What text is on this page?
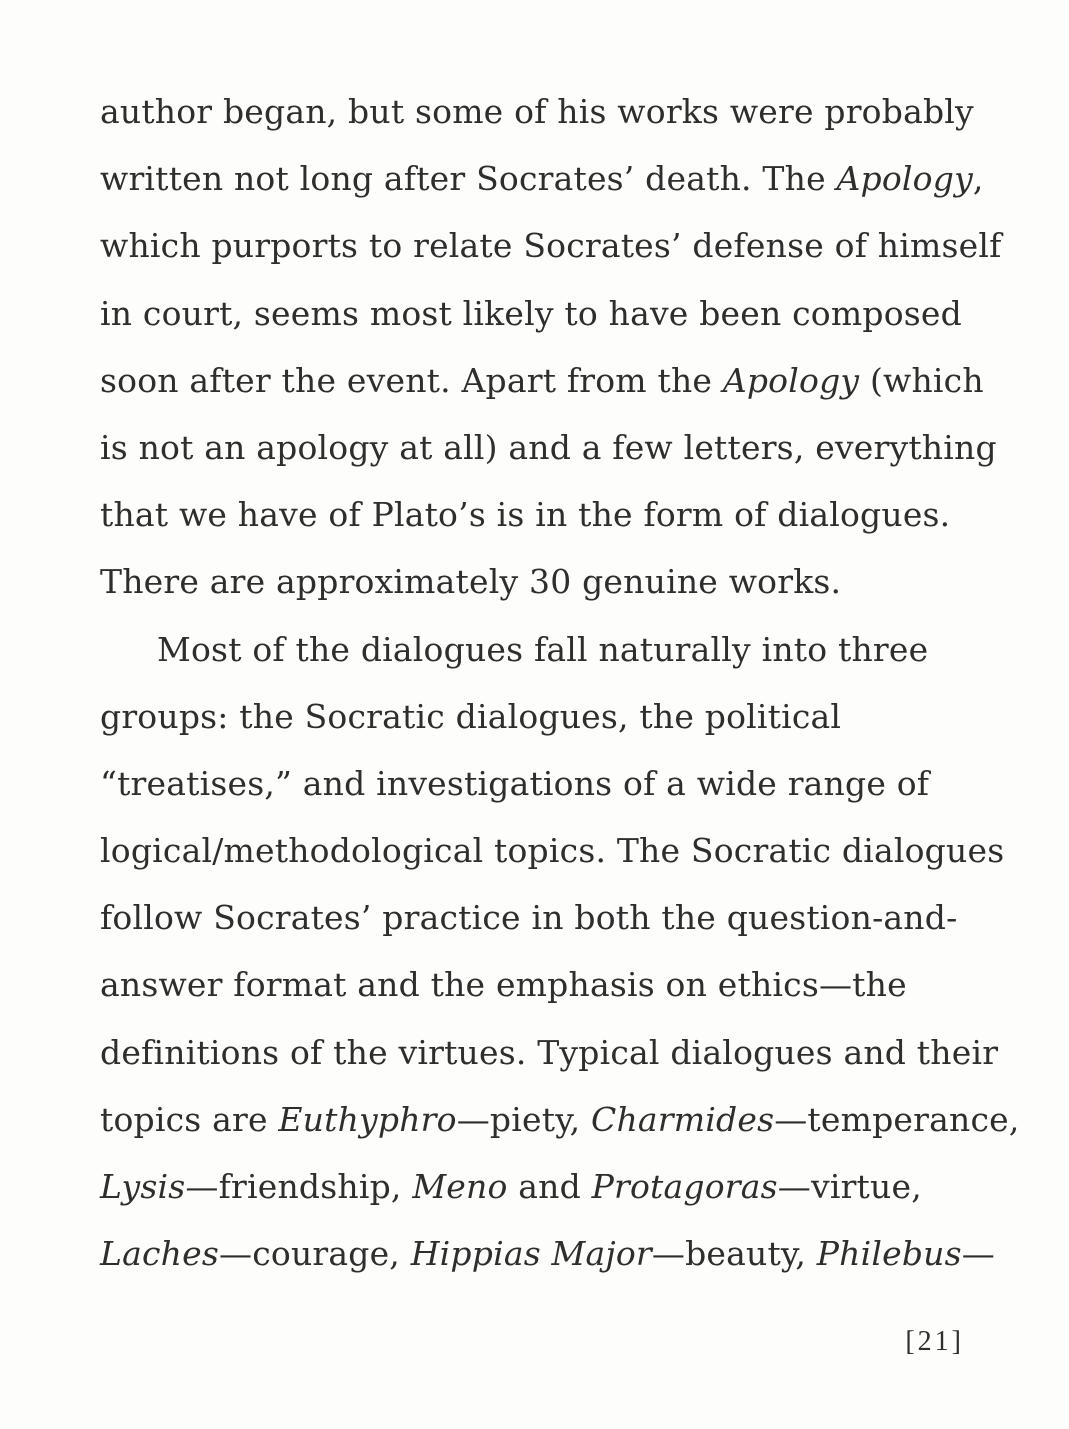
author began, but some of his works were probably
written not long after Socrates’ death. The Apology,
which purports to relate Socrates’ defense of himself
in court, seems most likely to have been composed
soon after the event. Apart from the Apology (which
is not an apology at all) and a few letters, everything
that we have of Plato’s is in the form of dialogues.
There are approximately 30 genuine works.
Most of the dialogues fall naturally into three
groups: the Socratic dialogues, the political
“treatises,” and investigations of a wide range of
logical/methodological topics. The Socratic dialogues
follow Socrates’ practice in both the question-and-
answer format and the emphasis on ethics—the
definitions of the virtues. Typical dialogues and their
topics are Euthyphro—piety, Charmides—temperance,
Lysis—friendship, Meno and Protagoras—virtue,
Laches—courage, Hippias Major—beauty, Philebus—
[21]
